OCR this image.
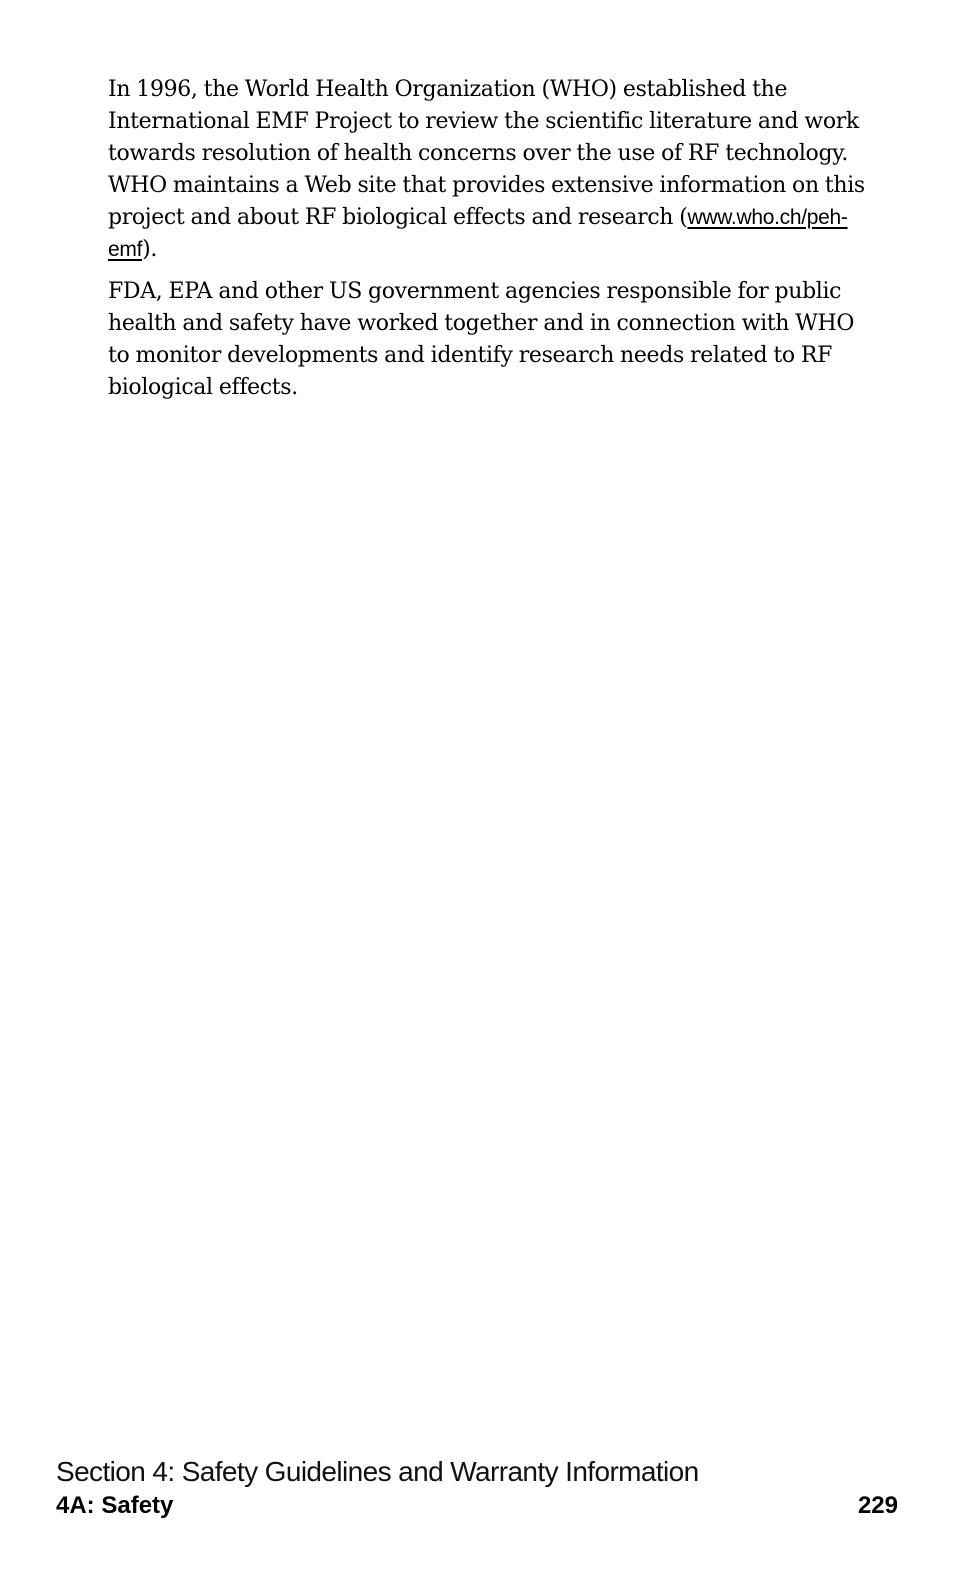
In 1996, the World Health Organization (WHO) established the International EMF Project to review the scientific literature and work towards resolution of health concerns over the use of RF technology. WHO maintains a Web site that provides extensive information on this project and about RF biological effects and research (www.who.ch/peh-emf).

FDA, EPA and other US government agencies responsible for public health and safety have worked together and in connection with WHO to monitor developments and identify research needs related to RF biological effects.

Section 4: Safety Guidelines and Warranty Information
4A: Safety	229
